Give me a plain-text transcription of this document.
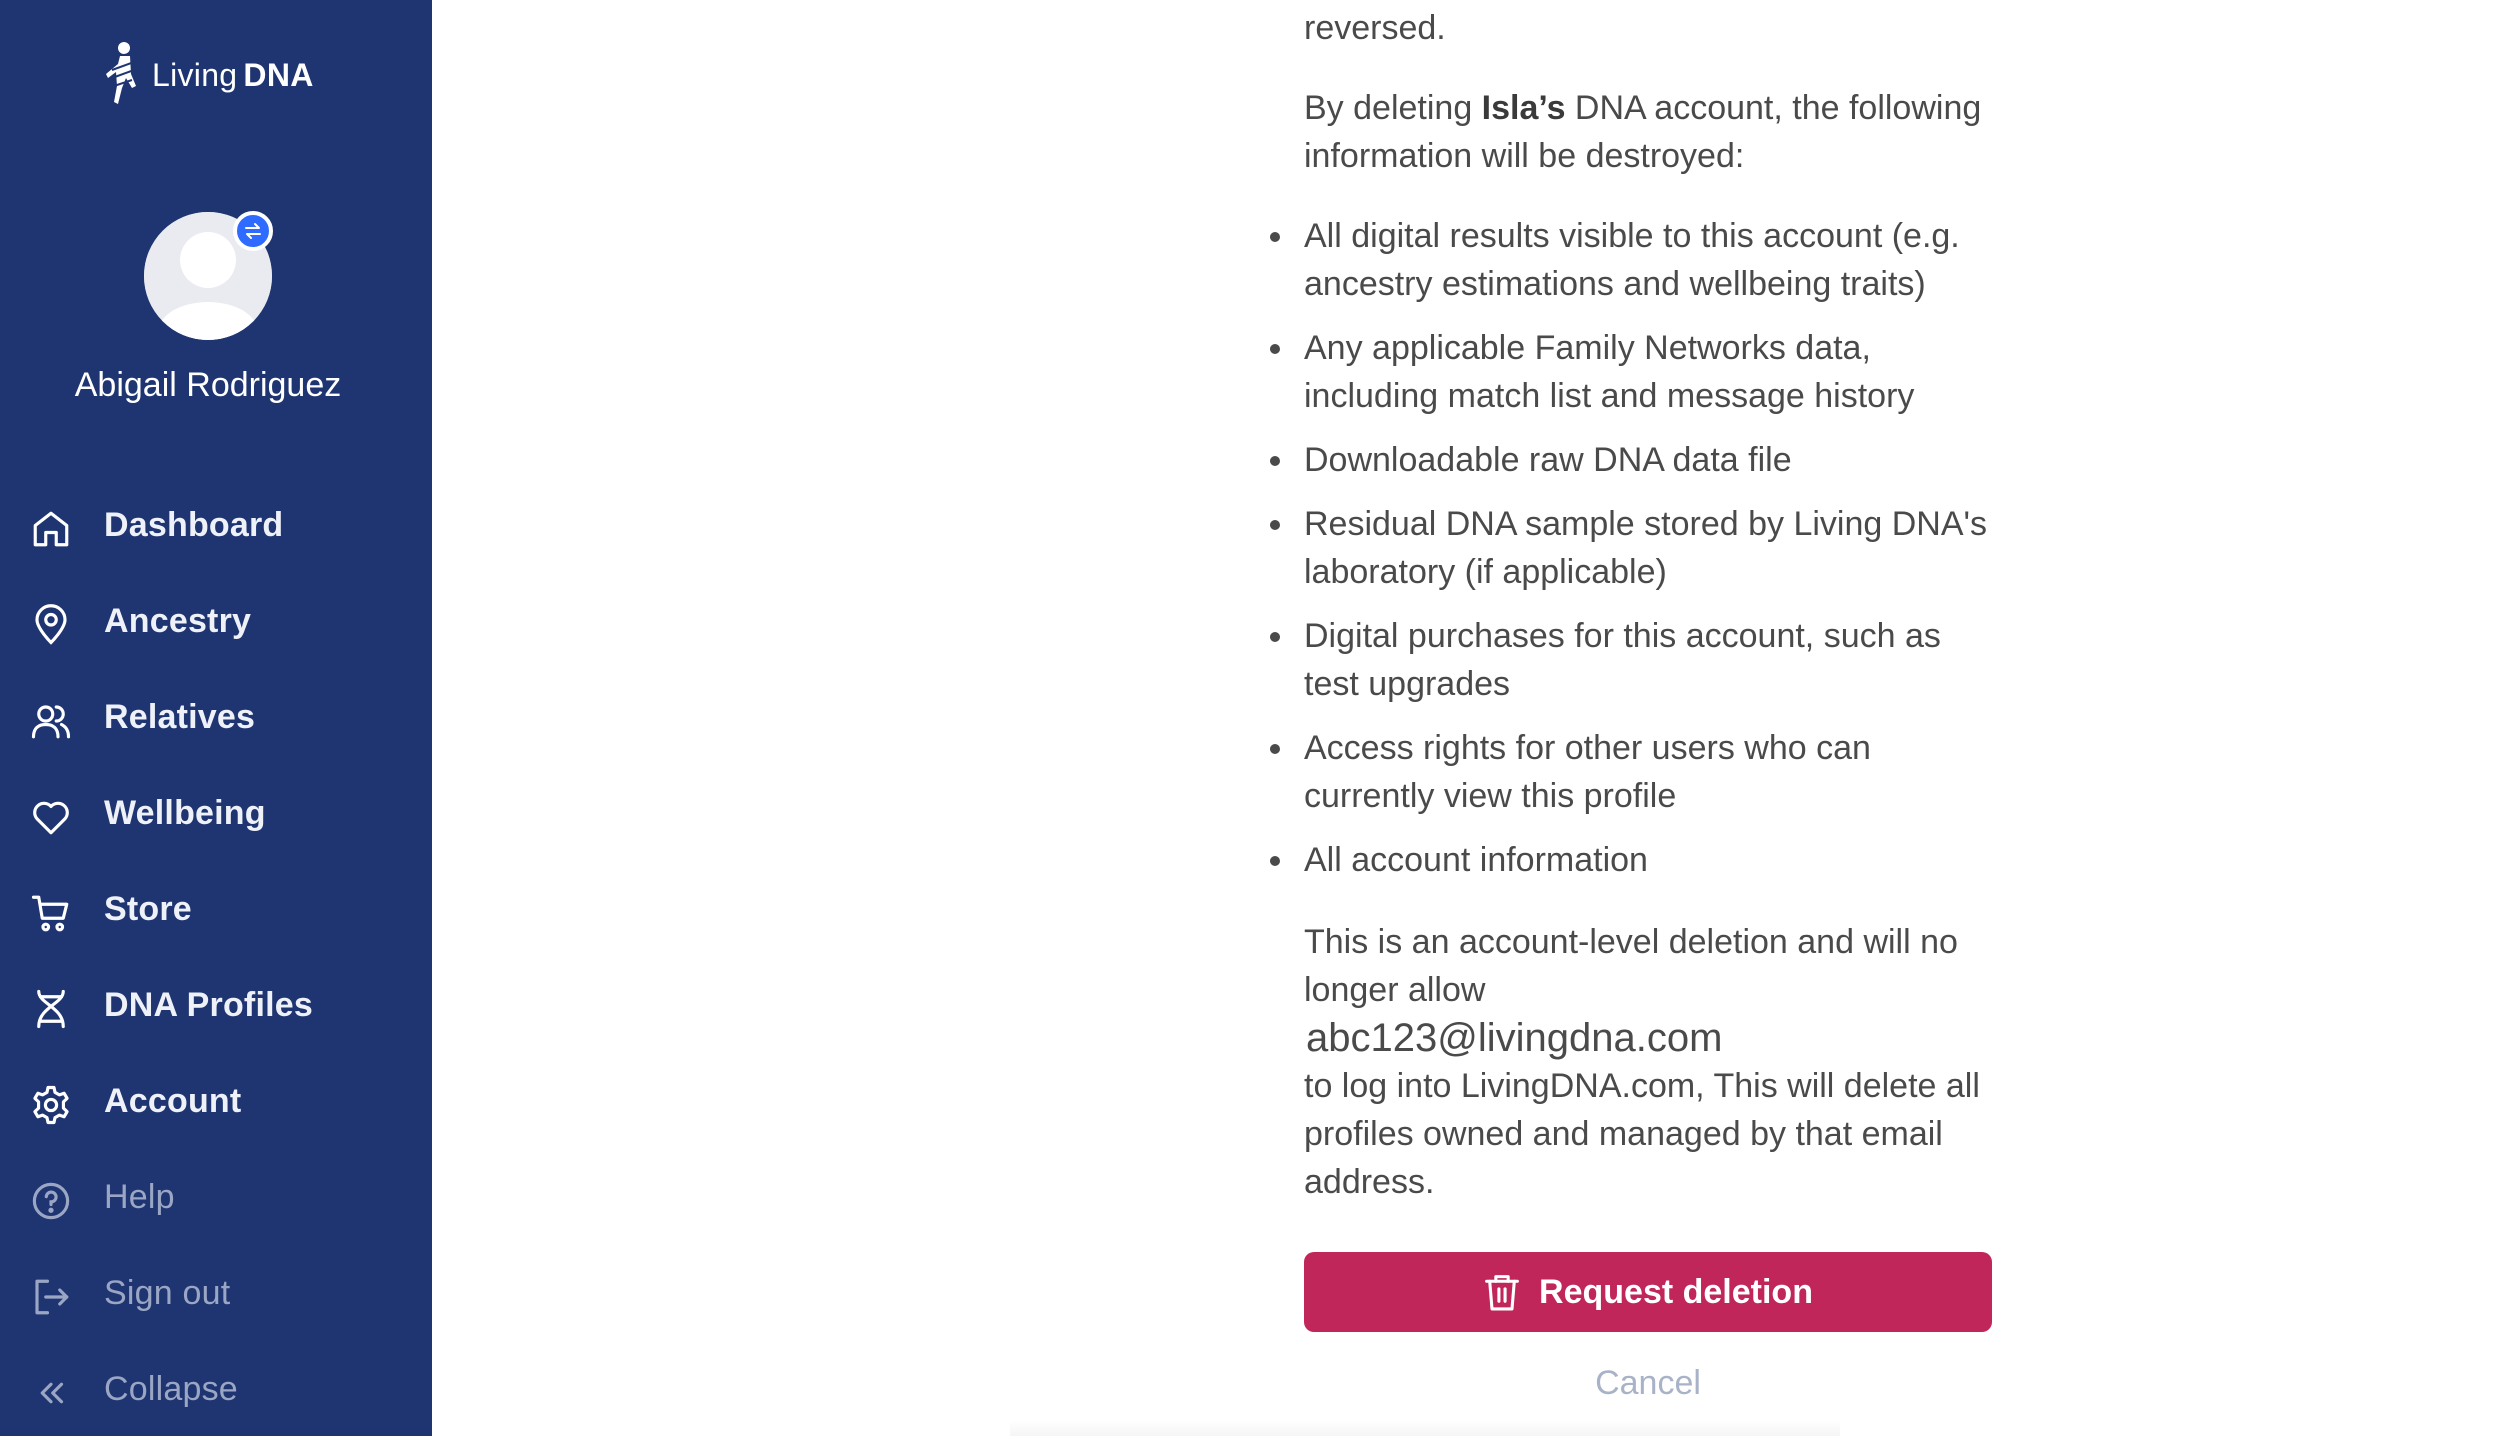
Living DNA
Abigail Rodriguez
Dashboard
Ancestry
Relatives
Wellbeing
Store
DNA Profiles
Account
Help
Sign out
Collapse

reversed.

By deleting Isla’s DNA account, the following information will be destroyed:

All digital results visible to this account (e.g. ancestry estimations and wellbeing traits)
Any applicable Family Networks data, including match list and message history
Downloadable raw DNA data file
Residual DNA sample stored by Living DNA's laboratory (if applicable)
Digital purchases for this account, such as test upgrades
Access rights for other users who can currently view this profile
All account information

This is an account-level deletion and will no longer allow
abc123@livingdna.com
to log into LivingDNA.com, This will delete all profiles owned and managed by that email address.

Request deletion
Cancel
